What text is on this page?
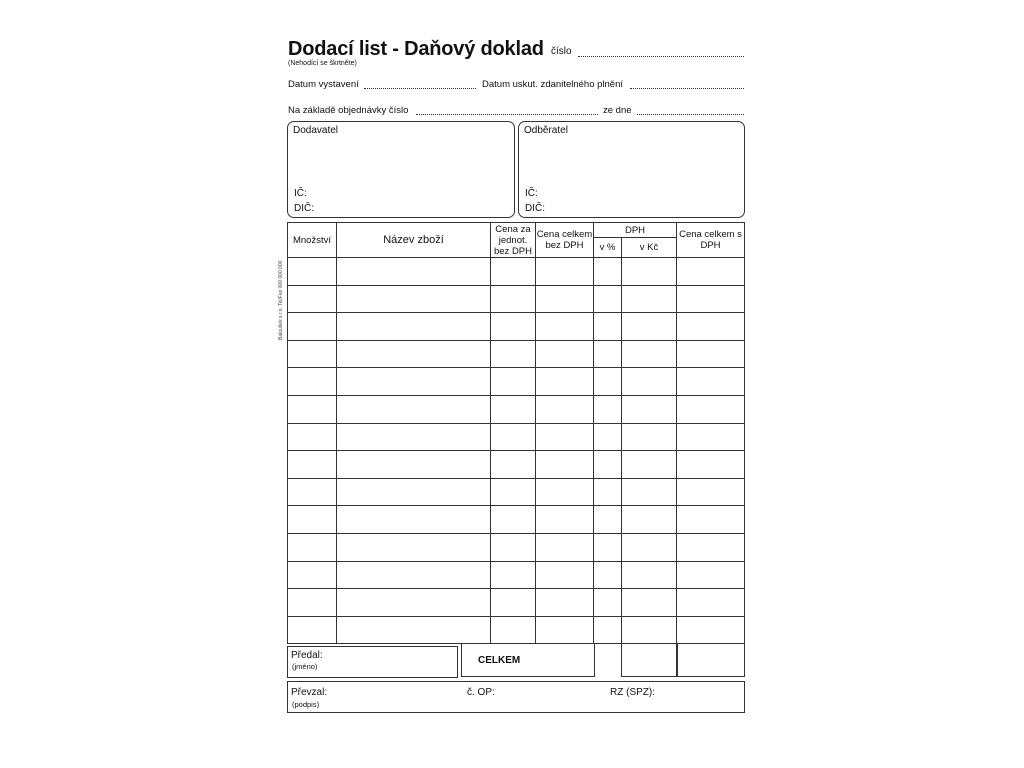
Dodací list - Daňový doklad číslo
(Nehodící se škrtněte)
Datum vystavení	Datum uskut. zdanitelného plnění
Na základě objednávky číslo	ze dne
Dodavatel
IČ:
DIČ:
Odběratel
IČ:
DIČ:
Množství	Název zboží	Cena za jednot. bez DPH	Cena celkem bez DPH	DPH		Cena celkem s DPH
				v %	v Kč	

Baloušek s.r.o. Tel/Fax 000 000 000
Předal:
(jméno)
CELKEM
Převzal:
(podpis)
č. OP:	RZ (SPZ):
